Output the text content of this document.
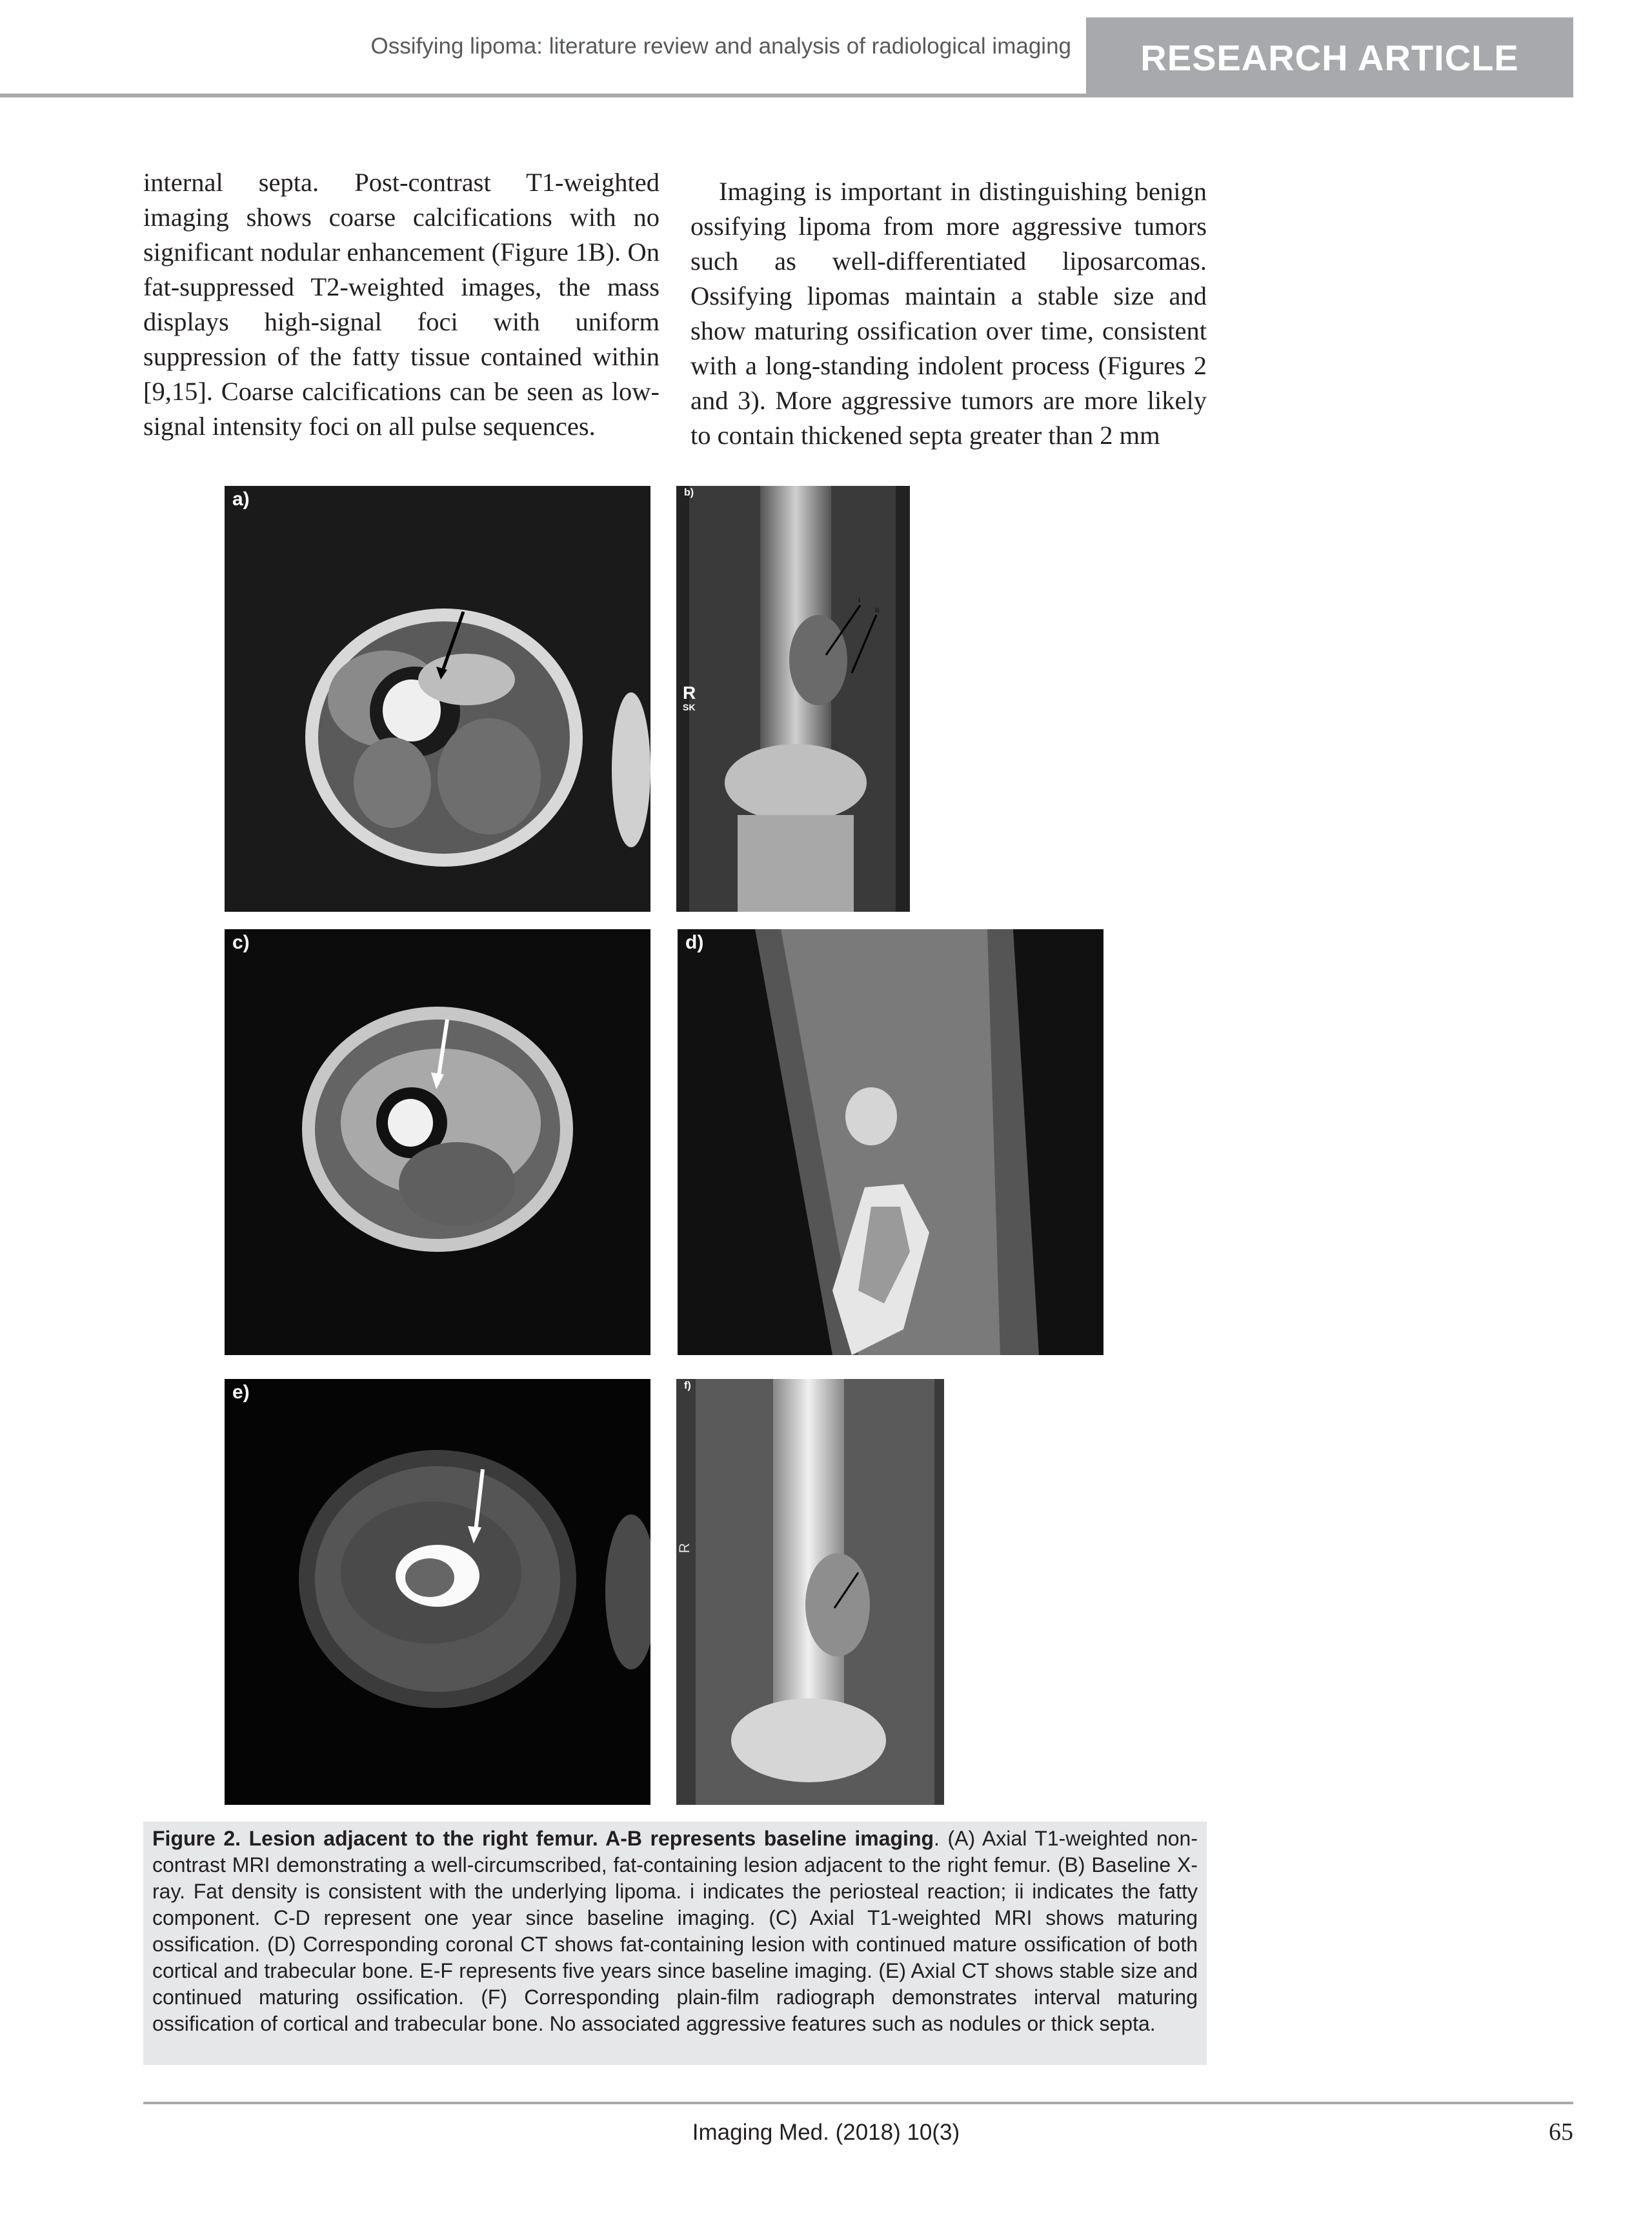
Ossifying lipoma: literature review and analysis of radiological imaging	RESEARCH ARTICLE
internal septa. Post-contrast T1-weighted imaging shows coarse calcifications with no significant nodular enhancement (Figure 1B). On fat-suppressed T2-weighted images, the mass displays high-signal foci with uniform suppression of the fatty tissue contained within [9,15]. Coarse calcifications can be seen as low-signal intensity foci on all pulse sequences.
Imaging is important in distinguishing benign ossifying lipoma from more aggressive tumors such as well-differentiated liposarcomas. Ossifying lipomas maintain a stable size and show maturing ossification over time, consistent with a long-standing indolent process (Figures 2 and 3). More aggressive tumors are more likely to contain thickened septa greater than 2 mm
a)
i
ii
R
SK
b)
c)	d)
e)
R
f)
Figure 2. Lesion adjacent to the right femur. A-B represents baseline imaging. (A) Axial T1-weighted non-contrast MRI demonstrating a well-circumscribed, fat-containing lesion adjacent to the right femur. (B) Baseline X-ray. Fat density is consistent with the underlying lipoma. i indicates the periosteal reaction; ii indicates the fatty component. C-D represent one year since baseline imaging. (C) Axial T1-weighted MRI shows maturing ossification. (D) Corresponding coronal CT shows fat-containing lesion with continued mature ossification of both cortical and trabecular bone. E-F represents five years since baseline imaging. (E) Axial CT shows stable size and continued maturing ossification. (F) Corresponding plain-film radiograph demonstrates interval maturing ossification of cortical and trabecular bone. No associated aggressive features such as nodules or thick septa.
Imaging Med. (2018) 10(3)	65
